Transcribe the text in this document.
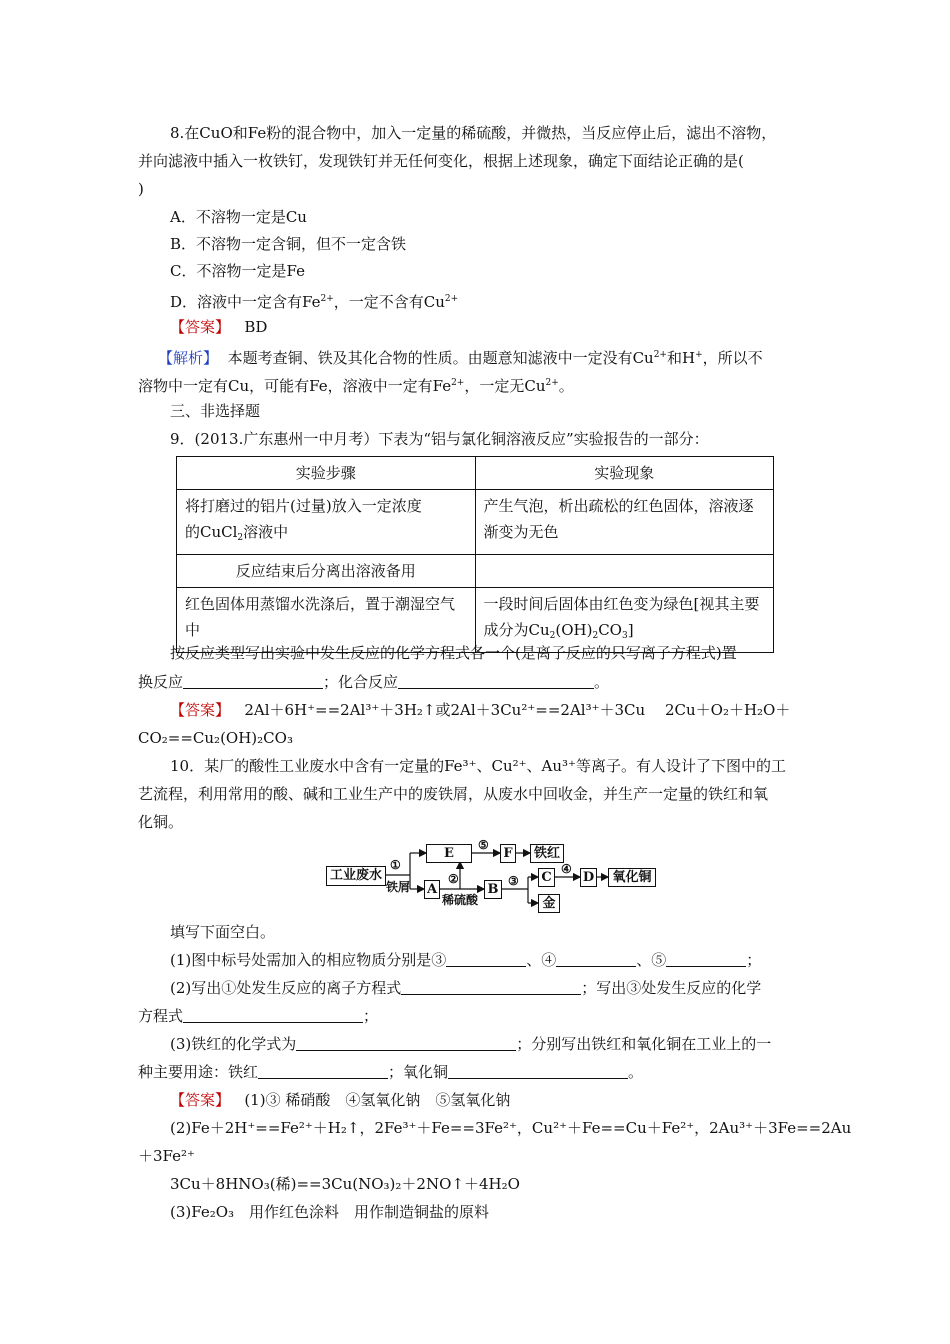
8.在CuO和Fe粉的混合物中，加入一定量的稀硫酸，并微热，当反应停止后，滤出不溶物，
并向滤液中插入一枚铁钉，发现铁钉并无任何变化，根据上述现象，确定下面结论正确的是(
)
A．不溶物一定是Cu
B．不溶物一定含铜，但不一定含铁
C．不溶物一定是Fe
D．溶液中一定含有$Fe^{2+}$，一定不含有$Cu^{2+}$
【答案】 BD
【解析】 本题考查铜、铁及其化合物的性质。由题意知滤液中一定没有$Cu^{2+}$和H+，所以不
溶物中一定有Cu，可能有Fe，溶液中一定有$Fe^{2+}$，一定无$Cu^{2+}$。
三、非选择题
9．(2013.广东惠州一中月考）下表为“铝与氯化铜溶液反应”实验报告的一部分：
实验步骤	实验现象
将打磨过的铝片(过量)放入一定浓度
的CuCl$_2$溶液中	产生气泡，析出疏松的红色固体，溶液逐渐变为无色
反应结束后分离出溶液备用	
红色固体用蒸馏水洗涤后，置于潮湿空气中	一段时间后固体由红色变为绿色[视其主要成分为$Cu_2(OH)_2CO_3$]
按反应类型写出实验中发生反应的化学方程式各一个(是离子反应的只写离子方程式)置
换反应	；化合反应	。
【答案】 2Al＋6H⁺==2Al³⁺＋3H₂↑或2Al＋3Cu²⁺==2Al³⁺＋3Cu　 2Cu＋O₂＋H₂O＋
CO₂==Cu₂(OH)₂CO₃
10．某厂的酸性工业废水中含有一定量的Fe³⁺、Cu²⁺、Au³⁺等离子。有人设计了下图中的工
艺流程，利用常用的酸、碱和工业生产中的废铁屑，从废水中回收金，并生产一定量的铁红和氧
化铜。
工业废水
①
铁屑
E
⑤
F	铁红
A
②
稀硫酸
B
③ C
④
D	氧化铜
金
填写下面空白。
(1)图中标号处需加入的相应物质分别是③	、④	、⑤	；
(2)写出①处发生反应的离子方程式	；写出③处发生反应的化学
方程式	；
(3)铁红的化学式为	；分别写出铁红和氧化铜在工业上的一
种主要用途：铁红	；氧化铜	。
【答案】 (1)③ 稀硝酸　④氢氧化钠　⑤氢氧化钠
(2)Fe＋2H⁺==Fe²⁺＋H₂↑，2Fe³⁺＋Fe==3Fe²⁺，Cu²⁺＋Fe==Cu＋Fe²⁺，2Au³⁺＋3Fe==2Au
＋3Fe²⁺
3Cu＋8HNO₃(稀)==3Cu(NO₃)₂＋2NO↑＋4H₂O
(3)Fe₂O₃　用作红色涂料　用作制造铜盐的原料
